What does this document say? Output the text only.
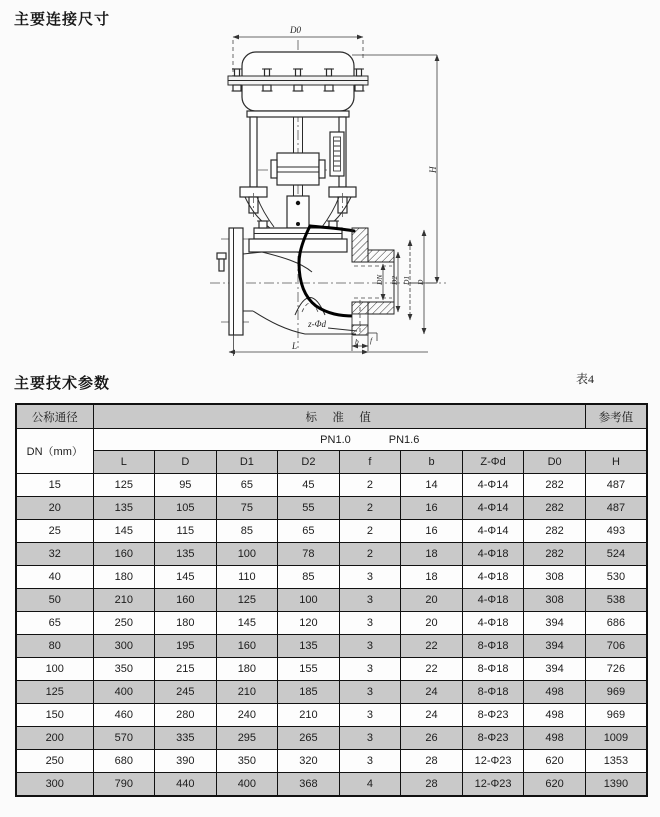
主要连接尺寸
D0
H
DN D2 D1 D
z-Φd
f
b
L
主要技术参数	表4
公称通径	标　准　值								参考值
DN（mm）	PN1.0 PN1.6								
	L	D	D1	D2	f	b	Z-Φd	D0	H
15	125	95	65	45	2	14	4-Φ14	282	487
20	135	105	75	55	2	16	4-Φ14	282	487
25	145	115	85	65	2	16	4-Φ14	282	493
32	160	135	100	78	2	18	4-Φ18	282	524
40	180	145	110	85	3	18	4-Φ18	308	530
50	210	160	125	100	3	20	4-Φ18	308	538
65	250	180	145	120	3	20	4-Φ18	394	686
80	300	195	160	135	3	22	8-Φ18	394	706
100	350	215	180	155	3	22	8-Φ18	394	726
125	400	245	210	185	3	24	8-Φ18	498	969
150	460	280	240	210	3	24	8-Φ23	498	969
200	570	335	295	265	3	26	8-Φ23	498	1009
250	680	390	350	320	3	28	12-Φ23	620	1353
300	790	440	400	368	4	28	12-Φ23	620	1390
